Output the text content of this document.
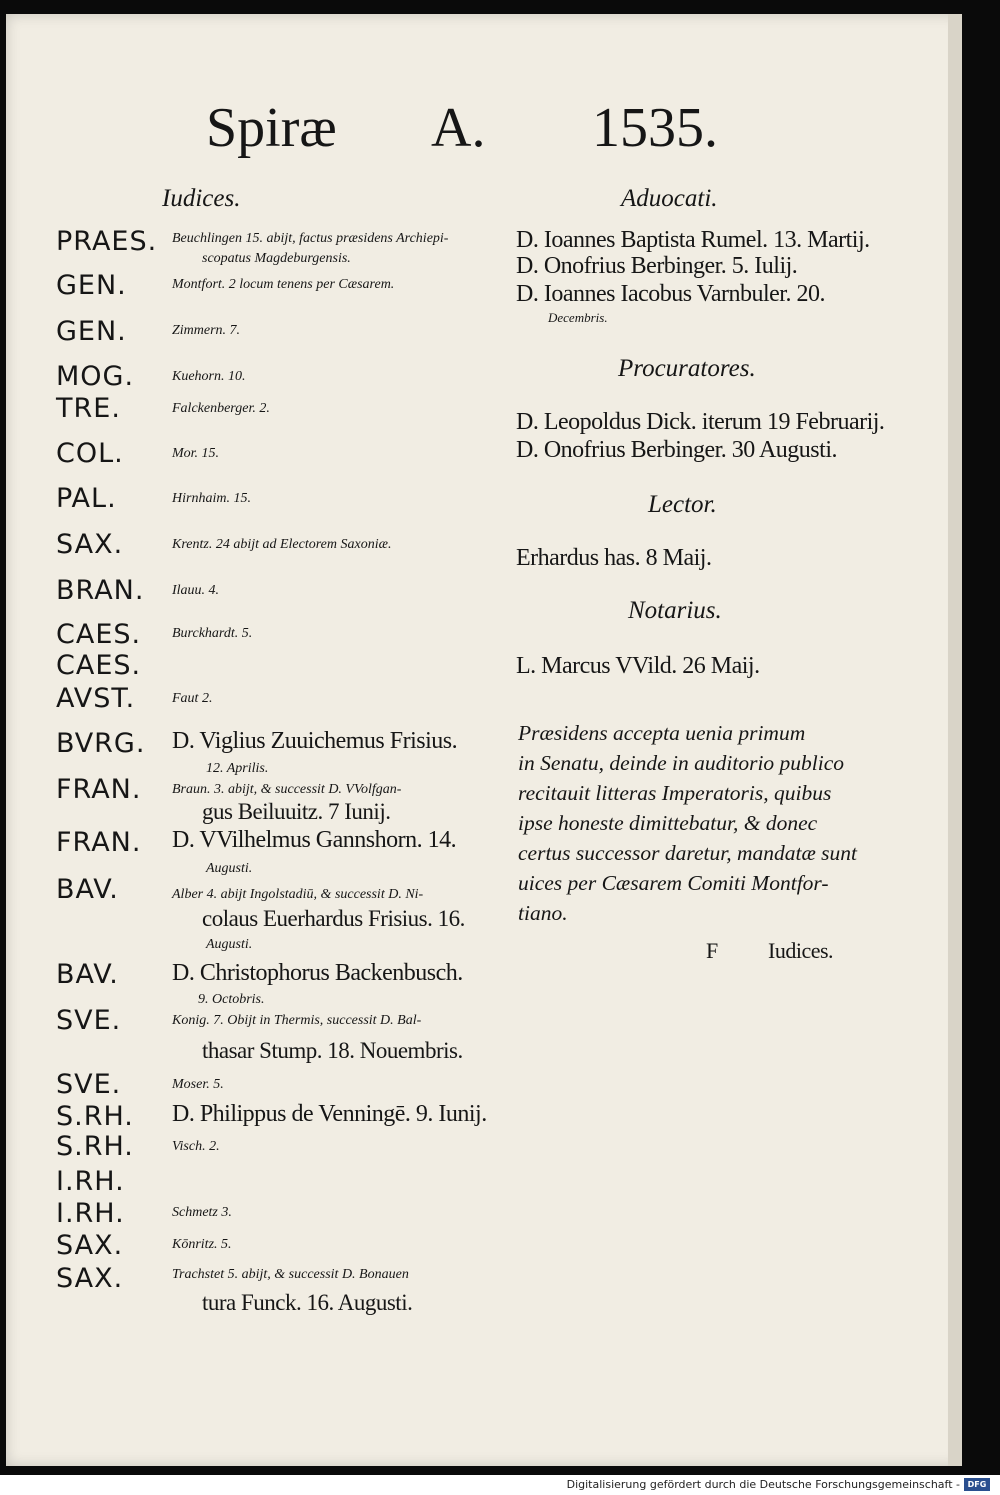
Spiræ A. 1535.
Iudices.	Aduocati.
PRAES. Beuchlingen 15. abijt, factus præsidens Archiepi-
scopatus Magdeburgensis.
GEN.	Montfort. 2 locum tenens per Cæsarem.
GEN.	Zimmern. 7.
MOG.	Kuehorn. 10.
TRE.	Falckenberger. 2.
COL.	Mor. 15.
PAL.	Hirnhaim. 15.
SAX.	Krentz. 24 abijt ad Electorem Saxoniæ.
BRAN. Ilauu. 4.
CAES. Burckhardt. 5.
CAES.
AVST.	Faut 2.
BVRG. D. Viglius Zuuichemus Frisius.
12. Aprilis.
FRAN. Braun. 3. abijt, & successit D. VVolfgan-
gus Beiluuitz. 7 Iunij.
FRAN. D. VVilhelmus Gannshorn. 14.
Augusti.
BAV.	Alber 4. abijt Ingolstadiū, & successit D. Ni-
colaus Euerhardus Frisius. 16.
Augusti.
BAV. D. Christophorus Backenbusch.
9. Octobris.
SVE.	Konig. 7. Obijt in Thermis, successit D. Bal-
thasar Stump. 18. Nouembris.
SVE.	Moser. 5.
S.RH. D. Philippus de Venningē. 9. Iunij.
S.RH.	Visch. 2.
I.RH.
I.RH.	Schmetz 3.
SAX.	Kōnritz. 5.
SAX.	Trachstet 5. abijt, & successit D. Bonauen
tura Funck. 16. Augusti.
D. Ioannes Baptista Rumel. 13. Martij.
D. Onofrius Berbinger. 5. Iulij.
D. Ioannes Iacobus Varnbuler. 20.
Decembris.
Procuratores.
D. Leopoldus Dick. iterum 19 Februarij.
D. Onofrius Berbinger. 30 Augusti.
Lector.
Erhardus has. 8 Maij.
Notarius.
L. Marcus VVild. 26 Maij.
Præsidens accepta uenia primum
in Senatu, deinde in auditorio publico
recitauit litteras Imperatoris, quibus
ipse honeste dimittebatur, & donec
certus successor daretur, mandatæ sunt
uices per Cæsarem Comiti Montfor-
tiano.
F Iudices.
Digitalisierung gefördert durch die Deutsche Forschungsgemeinschaft - DFG
